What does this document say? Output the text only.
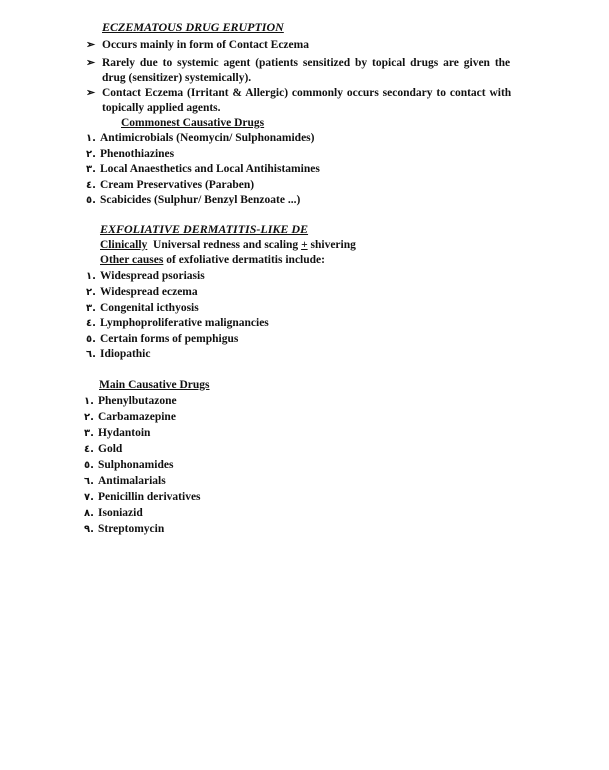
ECZEMATOUS DRUG ERUPTION
➢ Occurs mainly in form of Contact Eczema
➢ Rarely due to systemic agent (patients sensitized by topical drugs are given the
drug (sensitizer) systemically).
➢ Contact Eczema (Irritant & Allergic) commonly occurs secondary to contact with
topically applied agents.
Commonest Causative Drugs
١. Antimicrobials (Neomycin/ Sulphonamides)
٢. Phenothiazines
٣. Local Anaesthetics and Local Antihistamines
٤. Cream Preservatives (Paraben)
٥. Scabicides (Sulphur/ Benzyl Benzoate ...)
EXFOLIATIVE DERMATITIS-LIKE DE
Clinically  Universal redness and scaling + shivering
Other causes of exfoliative dermatitis include:
١. Widespread psoriasis
٢. Widespread eczema
٣. Congenital icthyosis
٤. Lymphoproliferative malignancies
٥. Certain forms of pemphigus
٦. Idiopathic
Main Causative Drugs
١. Phenylbutazone
٢. Carbamazepine
٣. Hydantoin
٤. Gold
٥. Sulphonamides
٦. Antimalarials
٧. Penicillin derivatives
٨. Isoniazid
٩. Streptomycin
